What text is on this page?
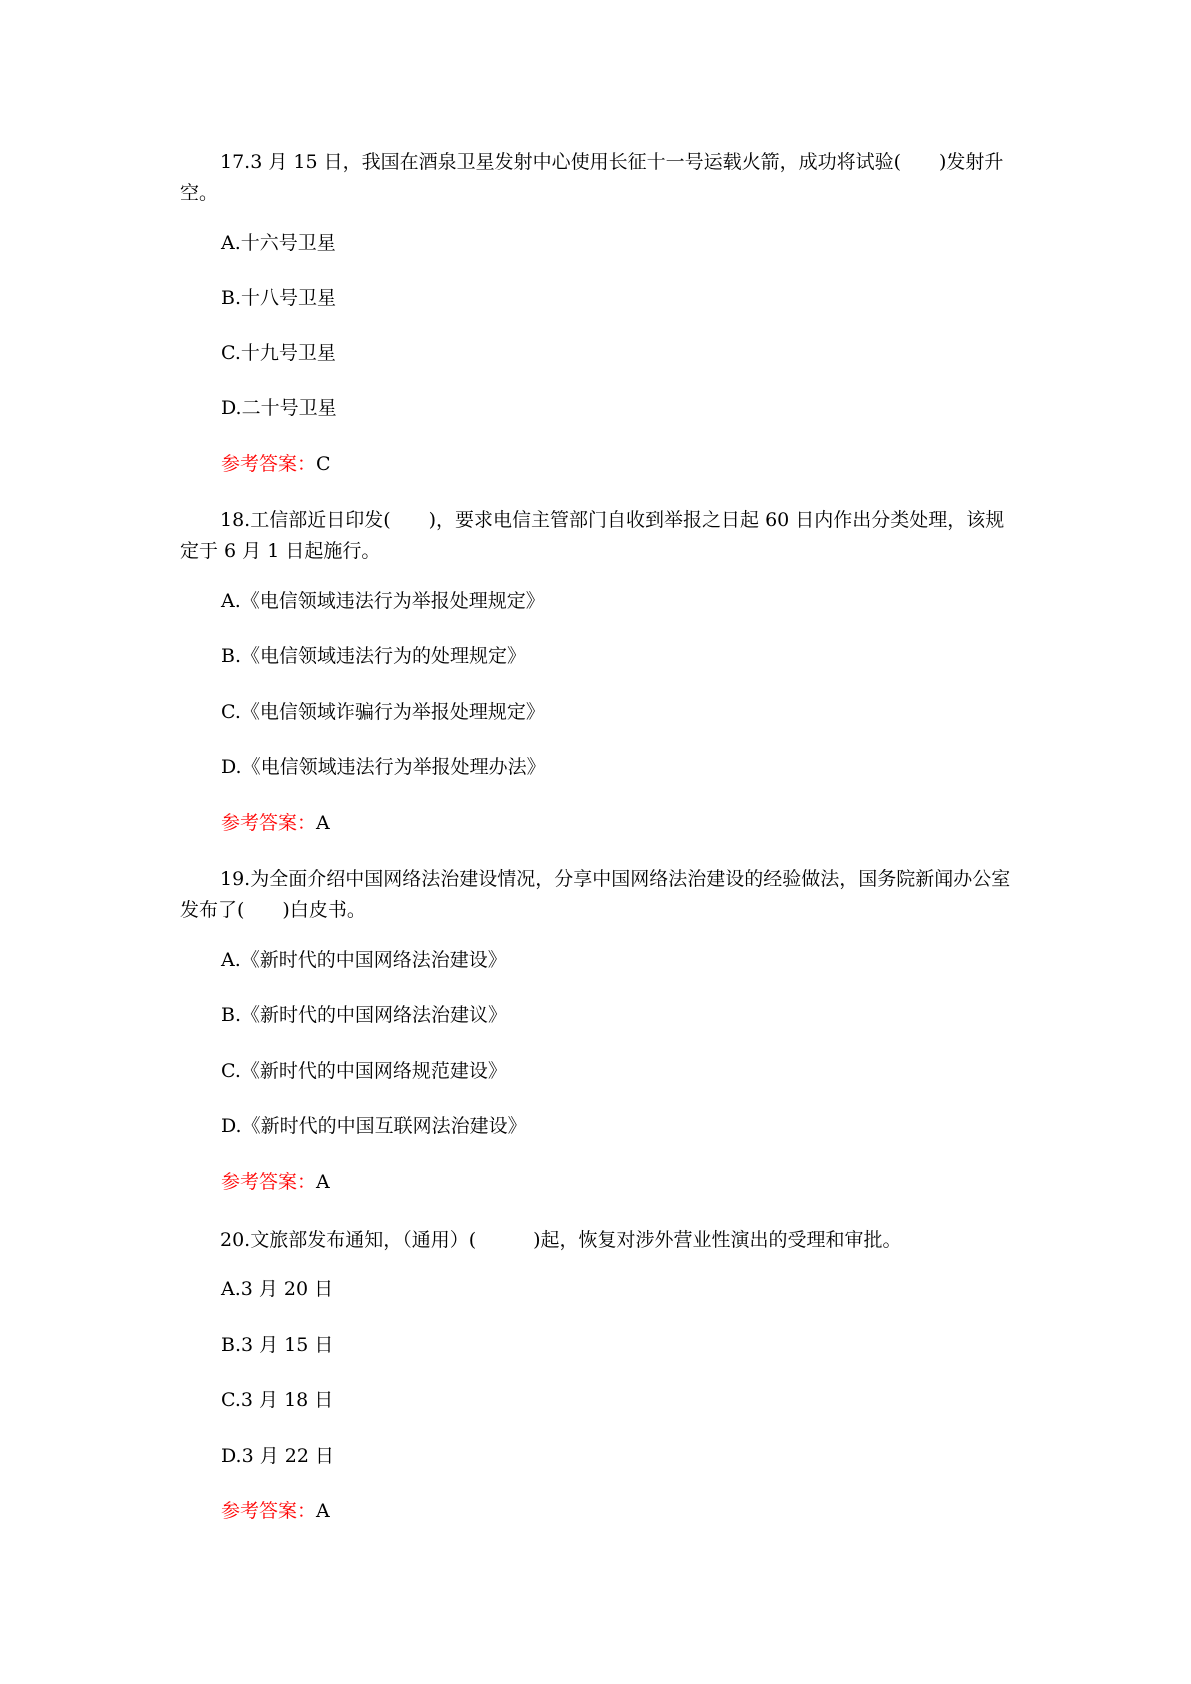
17.3 月 15 日，我国在酒泉卫星发射中心使用长征十一号运载火箭，成功将试验(　　)发射升空。
A.十六号卫星
B.十八号卫星
C.十九号卫星
D.二十号卫星
参考答案：C
18.工信部近日印发(　　)，要求电信主管部门自收到举报之日起 60 日内作出分类处理，该规定于 6 月 1 日起施行。
A.《电信领域违法行为举报处理规定》
B.《电信领域违法行为的处理规定》
C.《电信领域诈骗行为举报处理规定》
D.《电信领域违法行为举报处理办法》
参考答案：A
19.为全面介绍中国网络法治建设情况，分享中国网络法治建设的经验做法，国务院新闻办公室发布了(　　)白皮书。
A.《新时代的中国网络法治建设》
B.《新时代的中国网络法治建议》
C.《新时代的中国网络规范建设》
D.《新时代的中国互联网法治建设》
参考答案：A
20.文旅部发布通知，（通用）(　　　)起，恢复对涉外营业性演出的受理和审批。
A.3 月 20 日
B.3 月 15 日
C.3 月 18 日
D.3 月 22 日
参考答案：A
